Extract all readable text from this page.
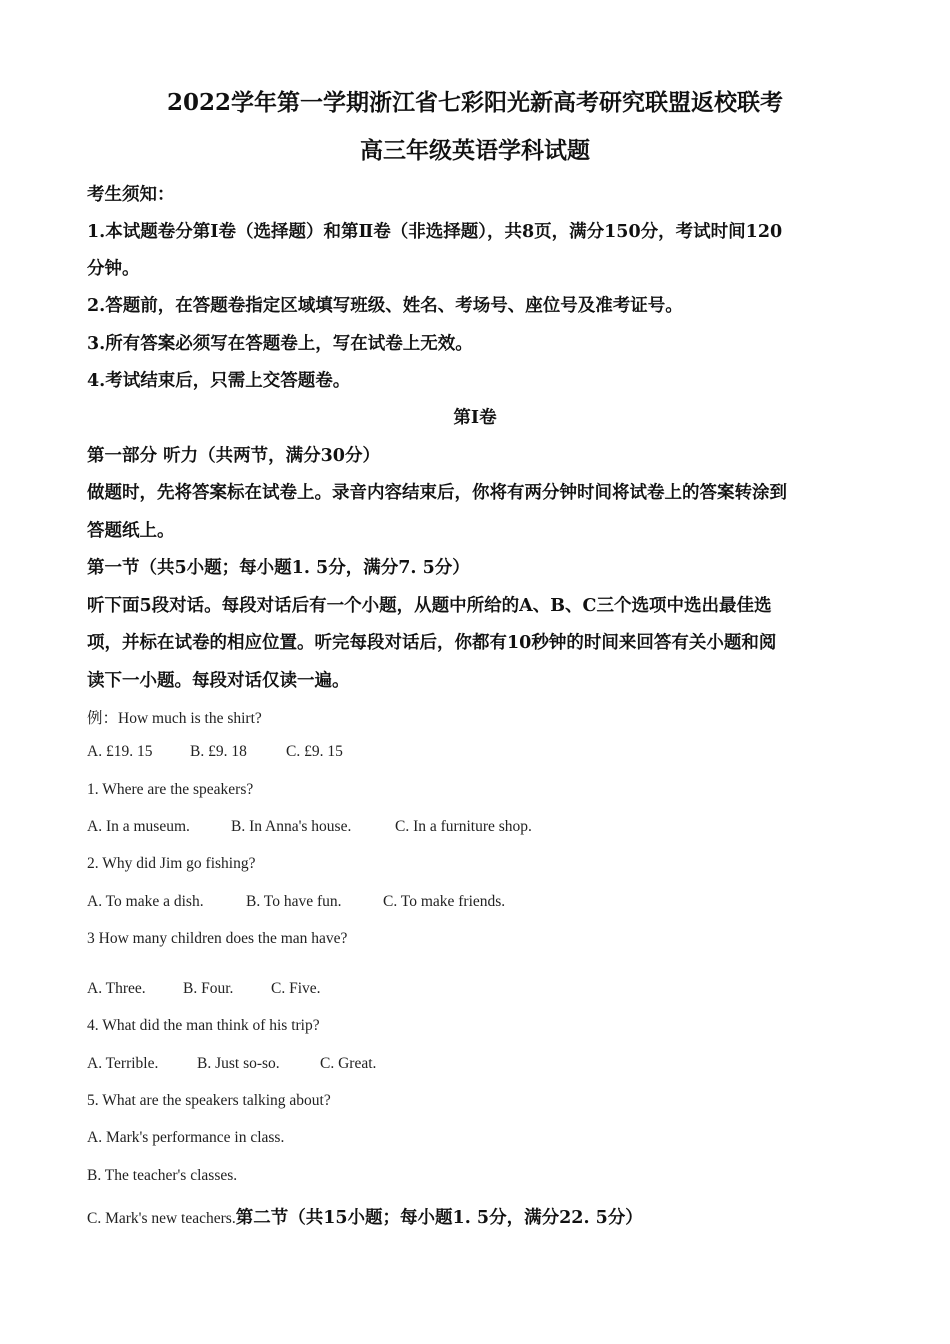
2022学年第一学期浙江省七彩阳光新高考研究联盟返校联考
高三年级英语学科试题
考生须知：
1.本试题卷分第Ⅰ卷（选择题）和第Ⅱ卷（非选择题），共8页，满分150分，考试时间120
分钟。
2.答题前，在答题卷指定区域填写班级、姓名、考场号、座位号及准考证号。
3.所有答案必须写在答题卷上，写在试卷上无效。
4.考试结束后，只需上交答题卷。
第Ⅰ卷
第一部分 听力（共两节，满分30分）
做题时，先将答案标在试卷上。录音内容结束后，你将有两分钟时间将试卷上的答案转涂到
答题纸上。
第一节（共5小题；每小题1. 5分，满分7. 5分）
听下面5段对话。每段对话后有一个小题，从题中所给的A、B、C三个选项中选出最佳选
项，并标在试卷的相应位置。听完每段对话后，你都有10秒钟的时间来回答有关小题和阅
读下一小题。每段对话仅读一遍。
例：How much is the shirt?
A. £19. 15 B. £9. 18	C. £9. 15
1. Where are the speakers?
A. In a museum.	B. In Anna's house.	C. In a furniture shop.
2. Why did Jim go fishing?
A. To make a dish.	B. To have fun.	C. To make friends.
3 How many children does the man have?
A. Three. B. Four. C. Five.
4. What did the man think of his trip?
A. Terrible. B. Just so-so.	C. Great.
5. What are the speakers talking about?
A. Mark's performance in class.
B. The teacher's classes.
C. Mark's new teachers.第二节（共15小题；每小题1. 5分，满分22. 5分）
